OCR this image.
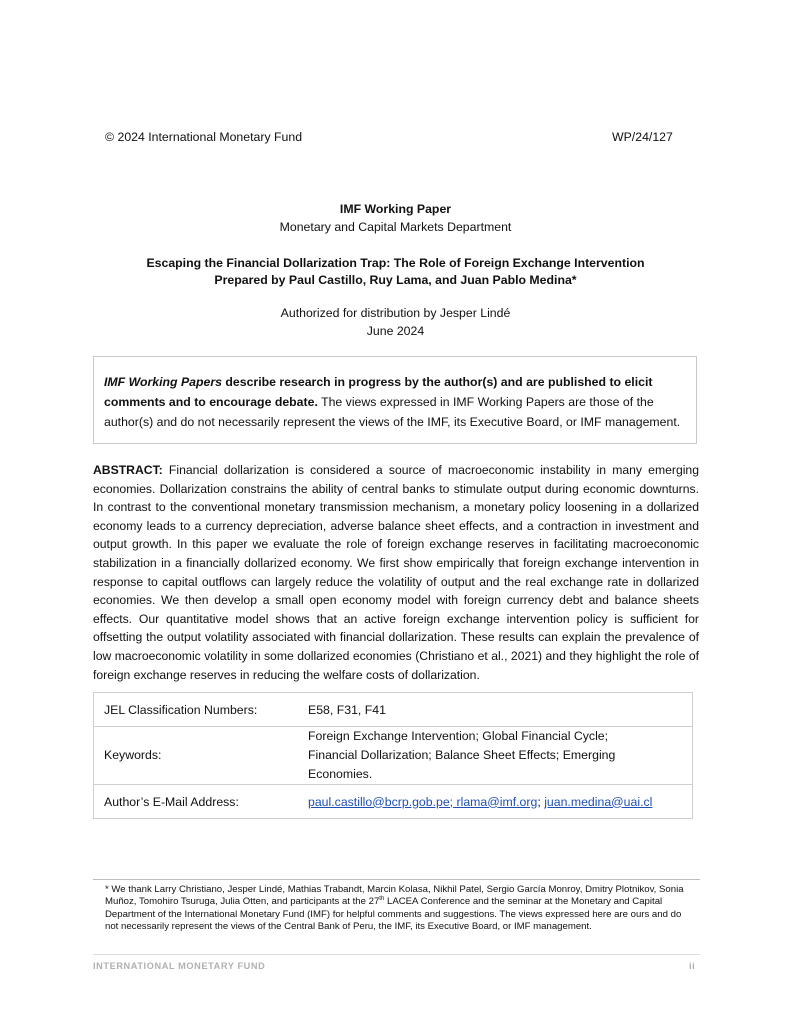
© 2024 International Monetary Fund	WP/24/127
IMF Working Paper
Monetary and Capital Markets Department
Escaping the Financial Dollarization Trap: The Role of Foreign Exchange Intervention
Prepared by Paul Castillo, Ruy Lama, and Juan Pablo Medina*
Authorized for distribution by Jesper Lindé
June 2024
IMF Working Papers describe research in progress by the author(s) and are published to elicit comments and to encourage debate. The views expressed in IMF Working Papers are those of the author(s) and do not necessarily represent the views of the IMF, its Executive Board, or IMF management.
ABSTRACT: Financial dollarization is considered a source of macroeconomic instability in many emerging economies. Dollarization constrains the ability of central banks to stimulate output during economic downturns. In contrast to the conventional monetary transmission mechanism, a monetary policy loosening in a dollarized economy leads to a currency depreciation, adverse balance sheet effects, and a contraction in investment and output growth. In this paper we evaluate the role of foreign exchange reserves in facilitating macroeconomic stabilization in a financially dollarized economy. We first show empirically that foreign exchange intervention in response to capital outflows can largely reduce the volatility of output and the real exchange rate in dollarized economies. We then develop a small open economy model with foreign currency debt and balance sheets effects. Our quantitative model shows that an active foreign exchange intervention policy is sufficient for offsetting the output volatility associated with financial dollarization. These results can explain the prevalence of low macroeconomic volatility in some dollarized economies (Christiano et al., 2021) and they highlight the role of foreign exchange reserves in reducing the welfare costs of dollarization.
JEL Classification Numbers:	E58, F31, F41
Keywords:	Foreign Exchange Intervention; Global Financial Cycle;
Financial Dollarization; Balance Sheet Effects; Emerging Economies.

Author’s E-Mail Address:	paul.castillo@bcrp.gob.pe; rlama@imf.org; juan.medina@uai.cl
* We thank Larry Christiano, Jesper Lindé, Mathias Trabandt, Marcin Kolasa, Nikhil Patel, Sergio García Monroy, Dmitry Plotnikov, Sonia Muñoz, Tomohiro Tsuruga, Julia Otten, and participants at the 27th LACEA Conference and the seminar at the Monetary and Capital Department of the International Monetary Fund (IMF) for helpful comments and suggestions. The views expressed here are ours and do not necessarily represent the views of the Central Bank of Peru, the IMF, its Executive Board, or IMF management.
INTERNATIONAL MONETARY FUND	ii
